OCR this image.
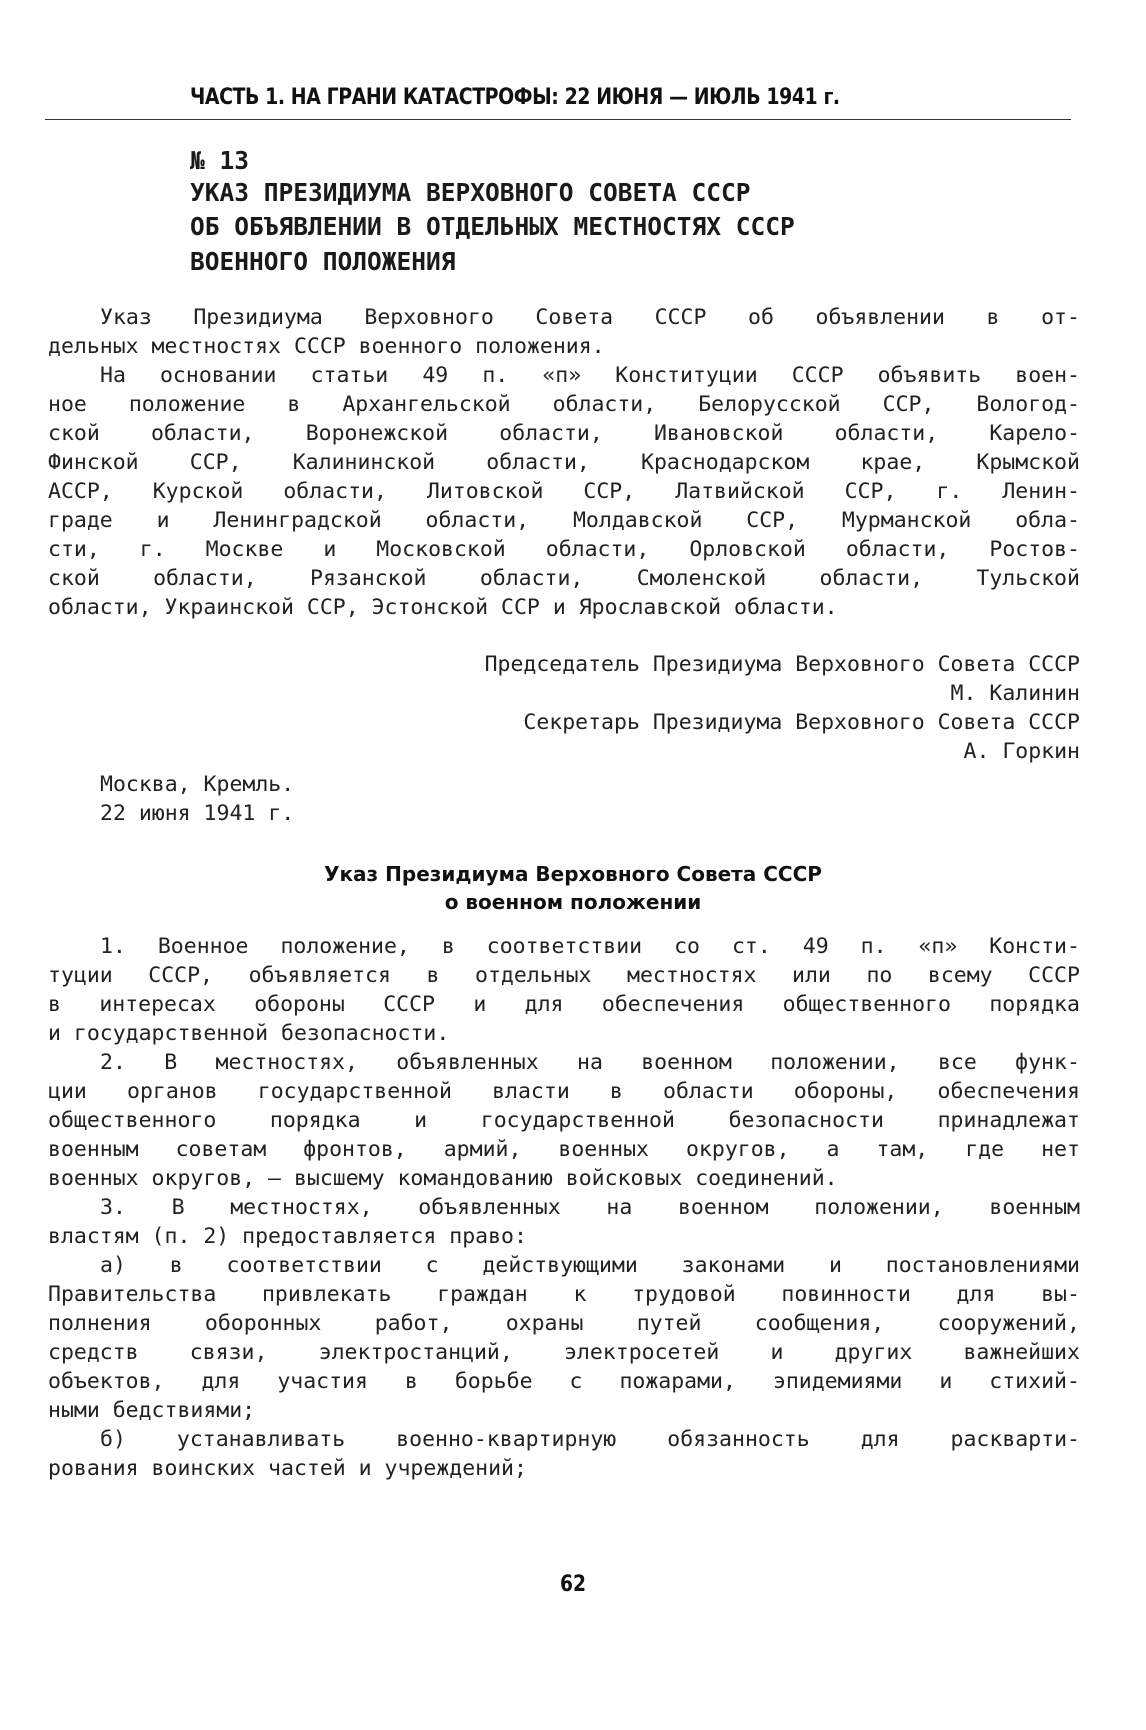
ЧАСТЬ 1. НА ГРАНИ КАТАСТРОФЫ: 22 ИЮНЯ — ИЮЛЬ 1941 г.
№ 13
УКАЗ ПРЕЗИДИУМА ВЕРХОВНОГО СОВЕТА СССР
ОБ ОБЪЯВЛЕНИИ В ОТДЕЛЬНЫХ МЕСТНОСТЯХ СССР
ВОЕННОГО ПОЛОЖЕНИЯ
Указ Президиума Верховного Совета СССР об объявлении в от-
дельных местностях СССР военного положения.
На основании статьи 49 п. «п» Конституции СССР объявить воен-
ное положение в Архангельской области, Белорусской ССР, Вологод-
ской области, Воронежской области, Ивановской области, Карело-
Финской ССР, Калининской области, Краснодарском крае, Крымской
АССР, Курской области, Литовской ССР, Латвийской ССР, г. Ленин-
граде и Ленинградской области, Молдавской ССР, Мурманской обла-
сти, г. Москве и Московской области, Орловской области, Ростов-
ской области, Рязанской области, Смоленской области, Тульской
области, Украинской ССР, Эстонской ССР и Ярославской области.
Председатель Президиума Верховного Совета СССР
М. Калинин
Секретарь Президиума Верховного Совета СССР
А. Горкин
Москва, Кремль.
22 июня 1941 г.
Указ Президиума Верховного Совета СССР
о военном положении
1. Военное положение, в соответствии со ст. 49 п. «п» Консти-
туции СССР, объявляется в отдельных местностях или по всему СССР
в интересах обороны СССР и для обеспечения общественного порядка
и государственной безопасности.
2. В местностях, объявленных на военном положении, все функ-
ции органов государственной власти в области обороны, обеспечения
общественного порядка и государственной безопасности принадлежат
военным советам фронтов, армий, военных округов, а там, где нет
военных округов, – высшему командованию войсковых соединений.
3. В местностях, объявленных на военном положении, военным
властям (п. 2) предоставляется право:
а) в соответствии с действующими законами и постановлениями
Правительства привлекать граждан к трудовой повинности для вы-
полнения оборонных работ, охраны путей сообщения, сооружений,
средств связи, электростанций, электросетей и других важнейших
объектов, для участия в борьбе с пожарами, эпидемиями и стихий-
ными бедствиями;
б) устанавливать военно-квартирную обязанность для раскварти-
рования воинских частей и учреждений;
62
